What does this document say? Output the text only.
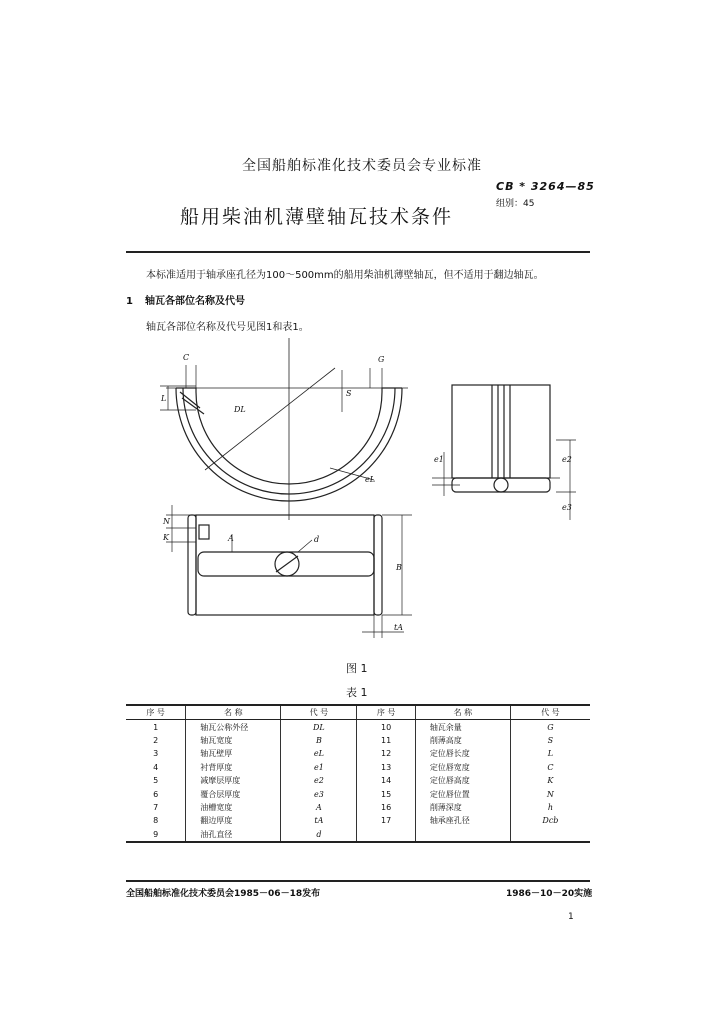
全国船舶标准化技术委员会专业标准
船用柴油机薄壁轴瓦技术条件
CB * 3264—85
组别：45
本标准适用于轴承座孔径为100～500mm的船用柴油机薄壁轴瓦，但不适用于翻边轴瓦。
1 轴瓦各部位名称及代号
轴瓦各部位名称及代号见图1和表1。
C	G
L
S
DL
eL
K
N
A	d
B
tA
e1	e2
e3
图 1
表 1
序 号	名 称	代 号	序 号	名 称	代 号
1	轴瓦公称外径	DL	10	轴瓦余量	G
2	轴瓦宽度	B	11	削薄高度	S
3	轴瓦壁厚	eL	12	定位唇长度	L
4	衬背厚度	e1	13	定位唇宽度	C
5	减摩层厚度	e2	14	定位唇高度	K
6	覆合层厚度	e3	15	定位唇位置	N
7	油槽宽度	A	16	削薄深度	h
8	翻边厚度	tA	17	轴承座孔径	Dcb
9	油孔直径	d			
全国船舶标准化技术委员会1985－06－18发布	1986－10－20实施
1
